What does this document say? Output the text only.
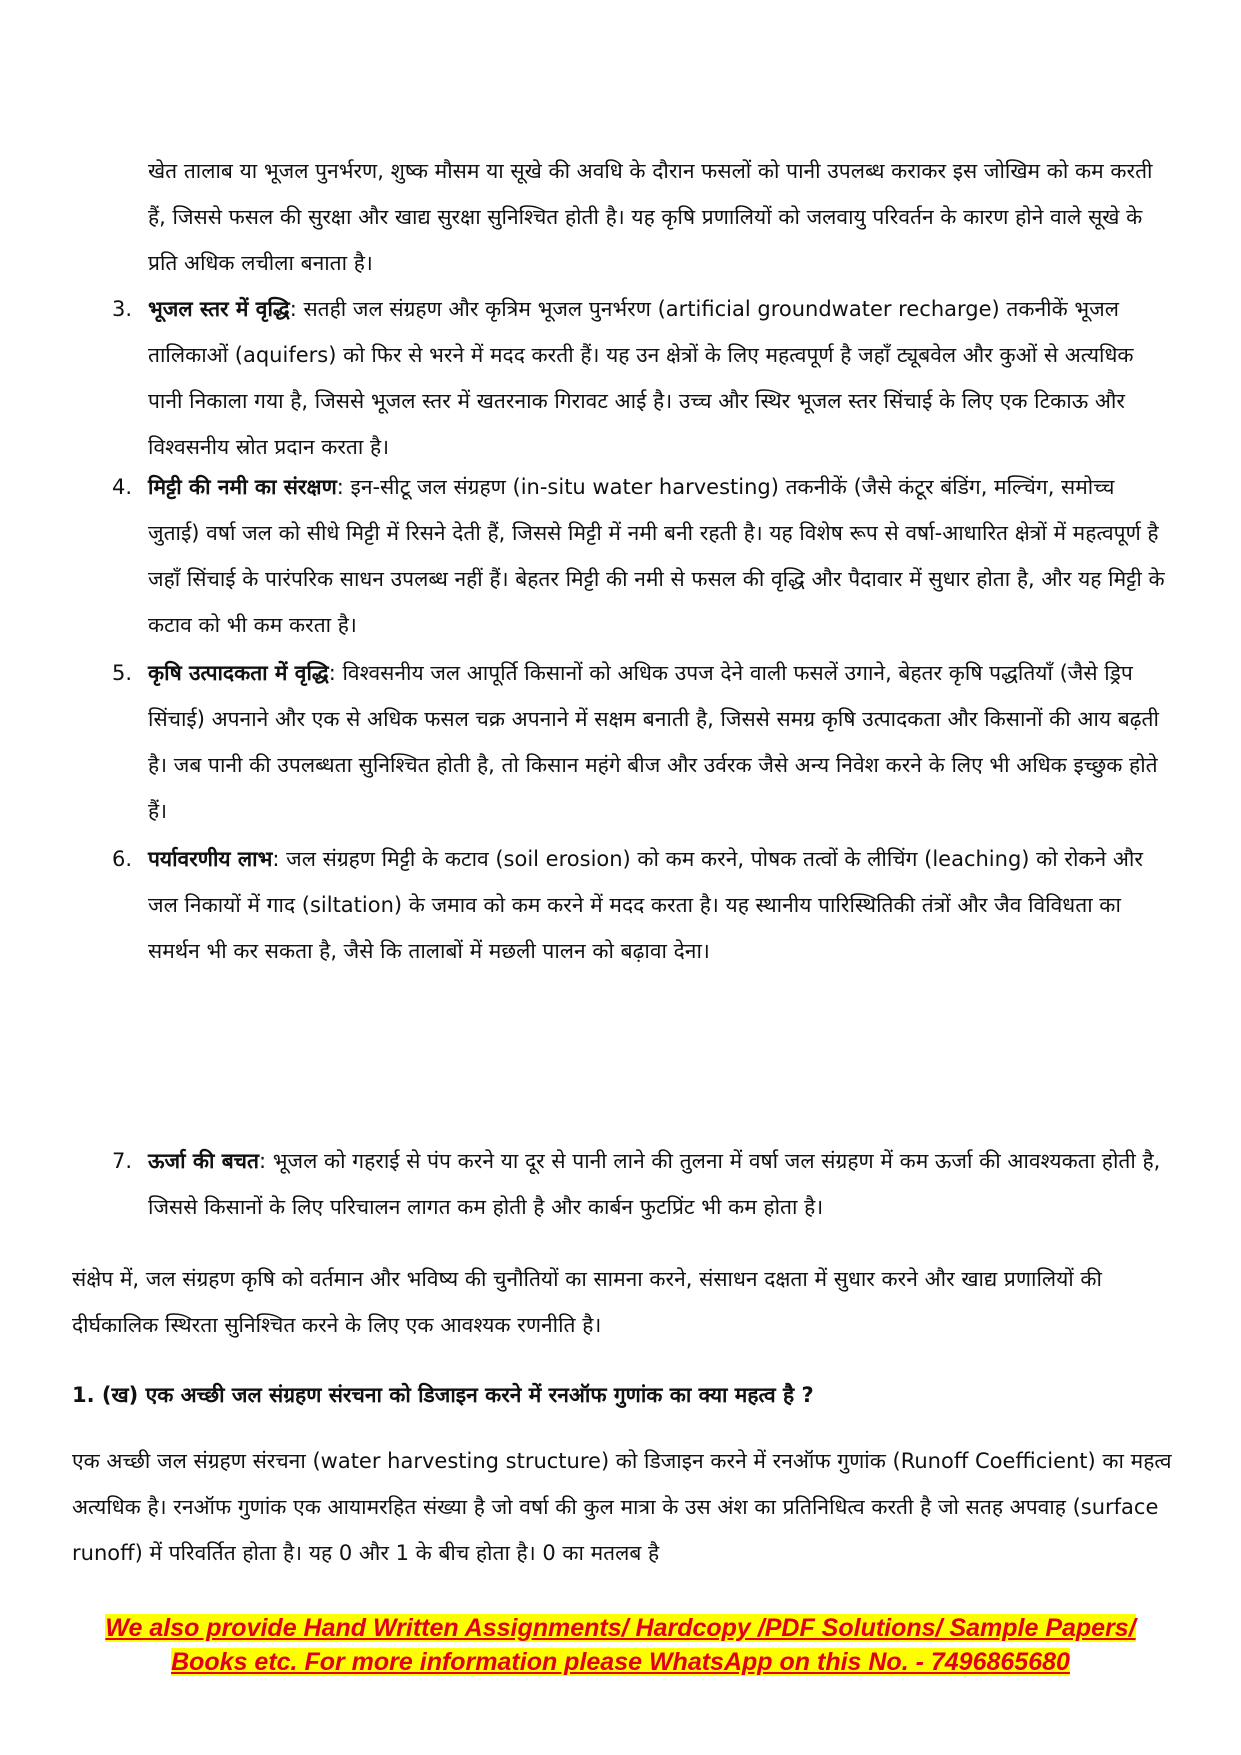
खेत तालाब या भूजल पुनर्भरण, शुष्क मौसम या सूखे की अवधि के दौरान फसलों को पानी उपलब्ध कराकर इस जोखिम को कम करती हैं, जिससे फसल की सुरक्षा और खाद्य सुरक्षा सुनिश्चित होती है। यह कृषि प्रणालियों को जलवायु परिवर्तन के कारण होने वाले सूखे के प्रति अधिक लचीला बनाता है।

3. भूजल स्तर में वृद्धि: सतही जल संग्रहण और कृत्रिम भूजल पुनर्भरण (artificial groundwater recharge) तकनीकें भूजल तालिकाओं (aquifers) को फिर से भरने में मदद करती हैं। यह उन क्षेत्रों के लिए महत्वपूर्ण है जहाँ ट्यूबवेल और कुओं से अत्यधिक पानी निकाला गया है, जिससे भूजल स्तर में खतरनाक गिरावट आई है। उच्च और स्थिर भूजल स्तर सिंचाई के लिए एक टिकाऊ और विश्वसनीय स्रोत प्रदान करता है।
4. मिट्टी की नमी का संरक्षण: इन-सीटू जल संग्रहण (in-situ water harvesting) तकनीकें (जैसे कंटूर बंडिंग, मल्चिंग, समोच्च जुताई) वर्षा जल को सीधे मिट्टी में रिसने देती हैं, जिससे मिट्टी में नमी बनी रहती है। यह विशेष रूप से वर्षा-आधारित क्षेत्रों में महत्वपूर्ण है जहाँ सिंचाई के पारंपरिक साधन उपलब्ध नहीं हैं। बेहतर मिट्टी की नमी से फसल की वृद्धि और पैदावार में सुधार होता है, और यह मिट्टी के कटाव को भी कम करता है।
5. कृषि उत्पादकता में वृद्धि: विश्वसनीय जल आपूर्ति किसानों को अधिक उपज देने वाली फसलें उगाने, बेहतर कृषि पद्धतियाँ (जैसे ड्रिप सिंचाई) अपनाने और एक से अधिक फसल चक्र अपनाने में सक्षम बनाती है, जिससे समग्र कृषि उत्पादकता और किसानों की आय बढ़ती है। जब पानी की उपलब्धता सुनिश्चित होती है, तो किसान महंगे बीज और उर्वरक जैसे अन्य निवेश करने के लिए भी अधिक इच्छुक होते हैं।
6. पर्यावरणीय लाभ: जल संग्रहण मिट्टी के कटाव (soil erosion) को कम करने, पोषक तत्वों के लीचिंग (leaching) को रोकने और जल निकायों में गाद (siltation) के जमाव को कम करने में मदद करता है। यह स्थानीय पारिस्थितिकी तंत्रों और जैव विविधता का समर्थन भी कर सकता है, जैसे कि तालाबों में मछली पालन को बढ़ावा देना।
7. ऊर्जा की बचत: भूजल को गहराई से पंप करने या दूर से पानी लाने की तुलना में वर्षा जल संग्रहण में कम ऊर्जा की आवश्यकता होती है, जिससे किसानों के लिए परिचालन लागत कम होती है और कार्बन फुटप्रिंट भी कम होता है।

संक्षेप में, जल संग्रहण कृषि को वर्तमान और भविष्य की चुनौतियों का सामना करने, संसाधन दक्षता में सुधार करने और खाद्य प्रणालियों की दीर्घकालिक स्थिरता सुनिश्चित करने के लिए एक आवश्यक रणनीति है।

1. (ख) एक अच्छी जल संग्रहण संरचना को डिजाइन करने में रनऑफ गुणांक का क्या महत्व है ?

एक अच्छी जल संग्रहण संरचना (water harvesting structure) को डिजाइन करने में रनऑफ गुणांक (Runoff Coefficient) का महत्व अत्यधिक है। रनऑफ गुणांक एक आयामरहित संख्या है जो वर्षा की कुल मात्रा के उस अंश का प्रतिनिधित्व करती है जो सतह अपवाह (surface runoff) में परिवर्तित होता है। यह 0 और 1 के बीच होता है। 0 का मतलब है

We also provide Hand Written Assignments/ Hardcopy /PDF Solutions/ Sample Papers/
Books etc. For more information please WhatsApp on this No. - 7496865680
